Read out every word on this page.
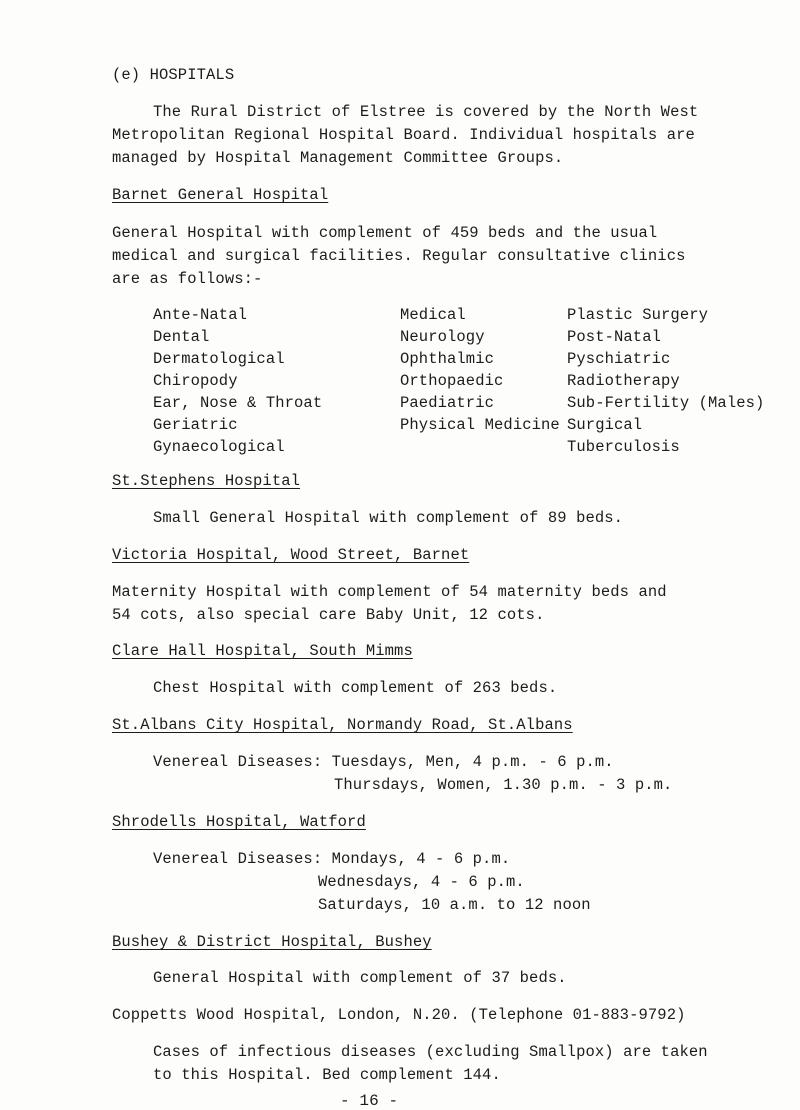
(e) HOSPITALS
The Rural District of Elstree is covered by the North West
Metropolitan Regional Hospital Board. Individual hospitals are
managed by Hospital Management Committee Groups.
Barnet General Hospital
General Hospital with complement of 459 beds and the usual
medical and surgical facilities. Regular consultative clinics
are as follows:-
Ante-Natal
Dental
Dermatological
Chiropody
Ear, Nose & Throat
Geriatric
Gynaecological
Medical
Neurology
Ophthalmic
Orthopaedic
Paediatric
Physical Medicine
Plastic Surgery
Post-Natal
Pyschiatric
Radiotherapy
Sub-Fertility (Males)
Surgical
Tuberculosis
St.Stephens Hospital
Small General Hospital with complement of 89 beds.
Victoria Hospital, Wood Street, Barnet
Maternity Hospital with complement of 54 maternity beds and
54 cots, also special care Baby Unit, 12 cots.
Clare Hall Hospital, South Mimms
Chest Hospital with complement of 263 beds.
St.Albans City Hospital, Normandy Road, St.Albans
Venereal Diseases: Tuesdays, Men, 4 p.m. - 6 p.m.
Thursdays, Women, 1.30 p.m. - 3 p.m.
Shrodells Hospital, Watford
Venereal Diseases: Mondays, 4 - 6 p.m.
Wednesdays, 4 - 6 p.m.
Saturdays, 10 a.m. to 12 noon
Bushey & District Hospital, Bushey
General Hospital with complement of 37 beds.
Coppetts Wood Hospital, London, N.20. (Telephone 01-883-9792)
Cases of infectious diseases (excluding Smallpox) are taken
to this Hospital. Bed complement 144.
- 16 -
